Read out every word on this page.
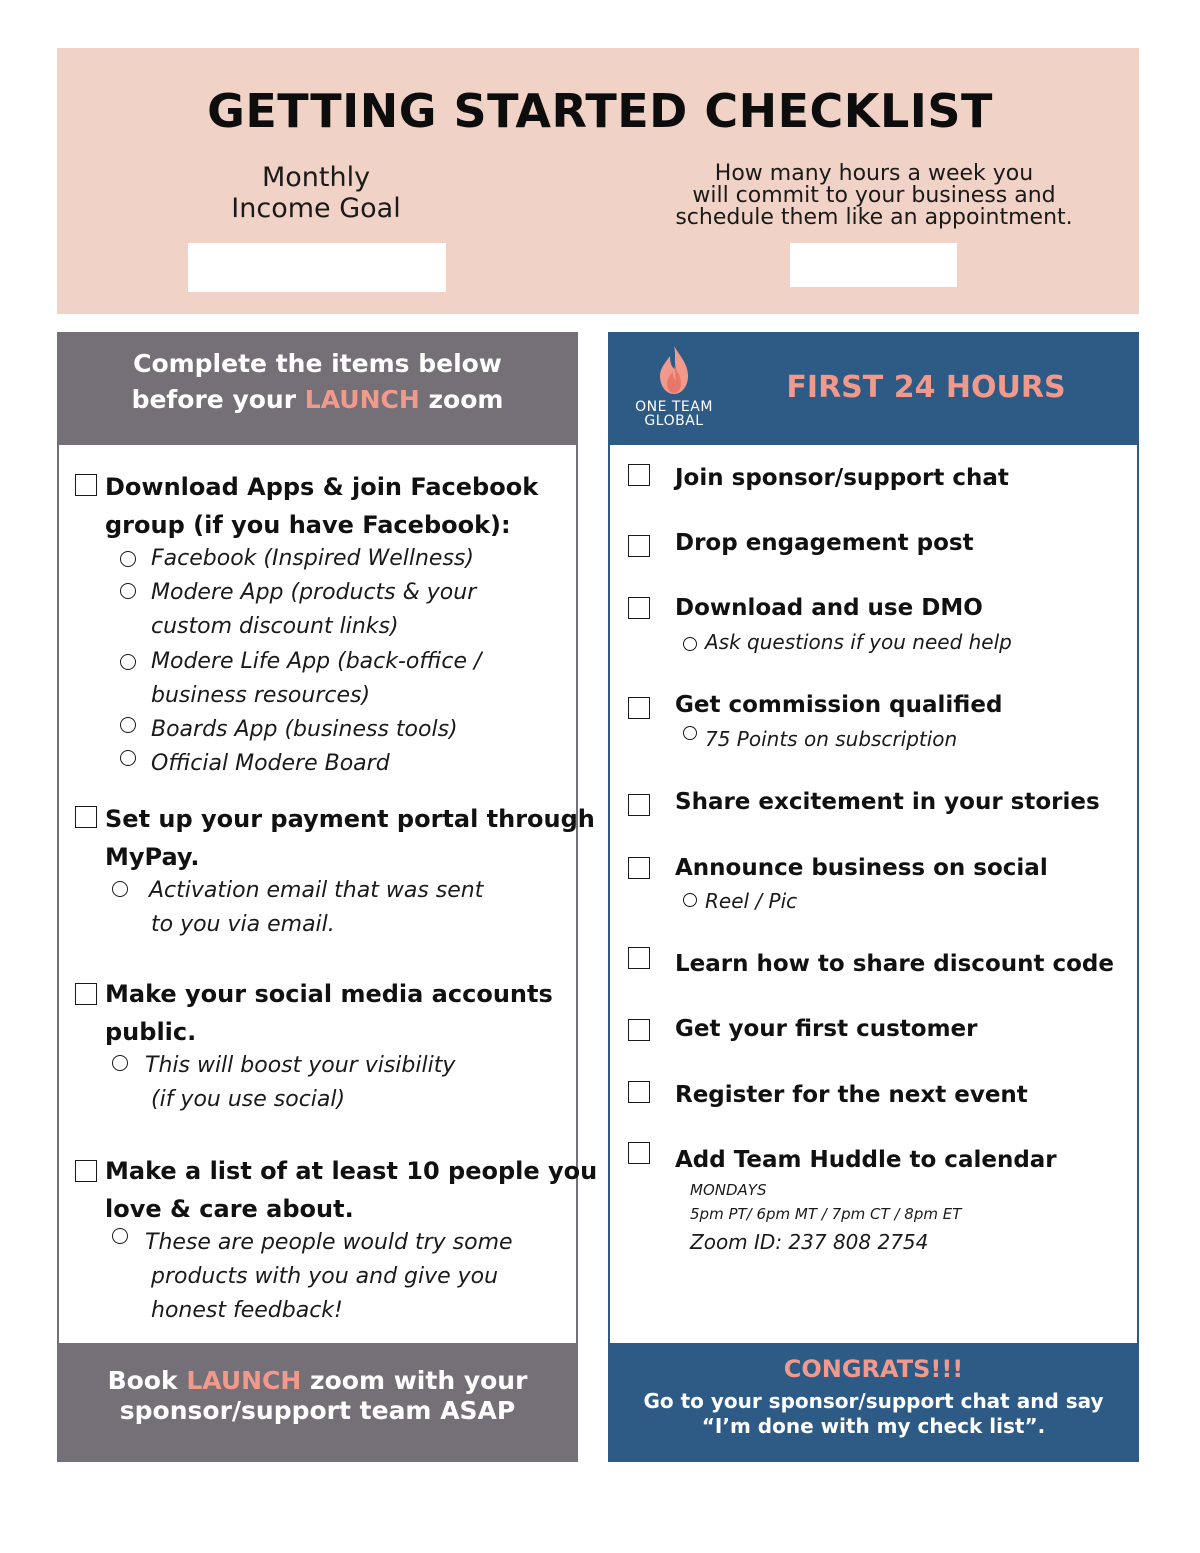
GETTING STARTED CHECKLIST
Monthly
Income Goal
How many hours a week you
will commit to your business and
schedule them like an appointment.
Complete the items below
before your LAUNCH zoom	ONE TEAM
GLOBAL
FIRST 24 HOURS
Download Apps & join Facebook
group (if you have Facebook):
Facebook (Inspired Wellness)
Modere App (products & your
custom discount links)
Modere Life App (back-office /
business resources)
Boards App (business tools)
Official Modere Board
Set up your payment portal through
MyPay.
Activation email that was sent
to you via email.
Make your social media accounts
public.
This will boost your visibility
(if you use social)
Make a list of at least 10 people you
love & care about.
These are people would try some
products with you and give you
honest feedback!
Book LAUNCH zoom with your
sponsor/support team ASAP
Join sponsor/support chat
Drop engagement post
Download and use DMO
Ask questions if you need help
Get commission qualified
75 Points on subscription
Share excitement in your stories
Announce business on social
Reel / Pic
Learn how to share discount code
Get your first customer
Register for the next event
Add Team Huddle to calendar
MONDAYS
5pm PT/ 6pm MT / 7pm CT / 8pm ET
Zoom ID: 237 808 2754
CONGRATS!!!
Go to your sponsor/support chat and say
“I’m done with my check list”.
